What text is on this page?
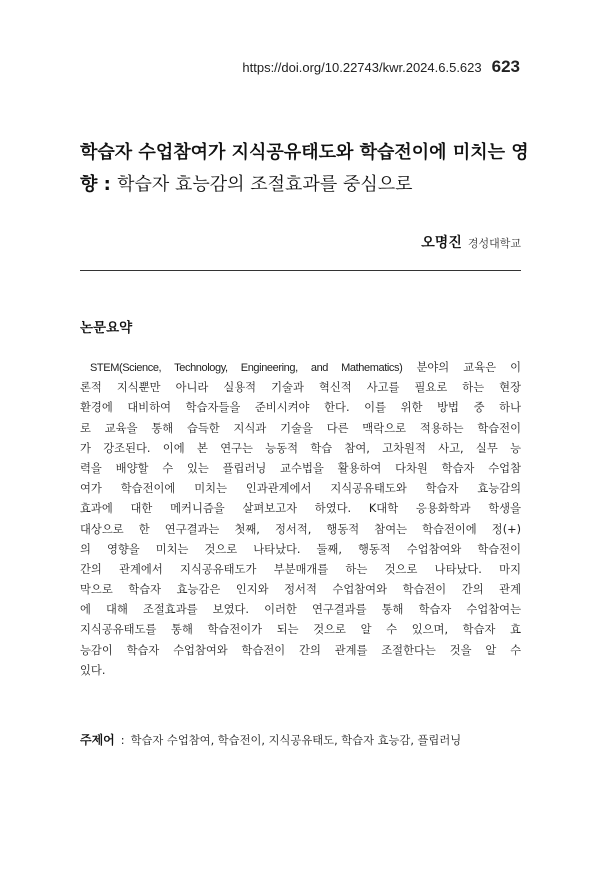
https://doi.org/10.22743/kwr.2024.6.5.623 623
학습자 수업참여가 지식공유태도와 학습전이에 미치는 영향 : 학습자 효능감의 조절효과를 중심으로
오명진 경성대학교
논문요약
STEM(Science, Technology, Engineering, and Mathematics) 분야의 교육은 이
론적 지식뿐만 아니라 실용적 기술과 혁신적 사고를 필요로 하는 현장
환경에 대비하여 학습자들을 준비시켜야 한다. 이를 위한 방법 중 하나
로 교육을 통해 습득한 지식과 기술을 다른 맥락으로 적용하는 학습전이
가 강조된다. 이에 본 연구는 능동적 학습 참여, 고차원적 사고, 실무 능
력을 배양할 수 있는 플립러닝 교수법을 활용하여 다차원 학습자 수업참
여가 학습전이에 미치는 인과관계에서 지식공유태도와 학습자 효능감의
효과에 대한 메커니즘을 살펴보고자 하였다. K대학 응용화학과 학생을
대상으로 한 연구결과는 첫째, 정서적, 행동적 참여는 학습전이에 정(+)
의 영향을 미치는 것으로 나타났다. 둘째, 행동적 수업참여와 학습전이
간의 관계에서 지식공유태도가 부분매개를 하는 것으로 나타났다. 마지
막으로 학습자 효능감은 인지와 정서적 수업참여와 학습전이 간의 관계
에 대해 조절효과를 보였다. 이러한 연구결과를 통해 학습자 수업참여는
지식공유태도를 통해 학습전이가 되는 것으로 알 수 있으며, 학습자 효
능감이 학습자 수업참여와 학습전이 간의 관계를 조절한다는 것을 알 수
있다.
주제어 : 학습자 수업참여, 학습전이, 지식공유태도, 학습자 효능감, 플립러닝
